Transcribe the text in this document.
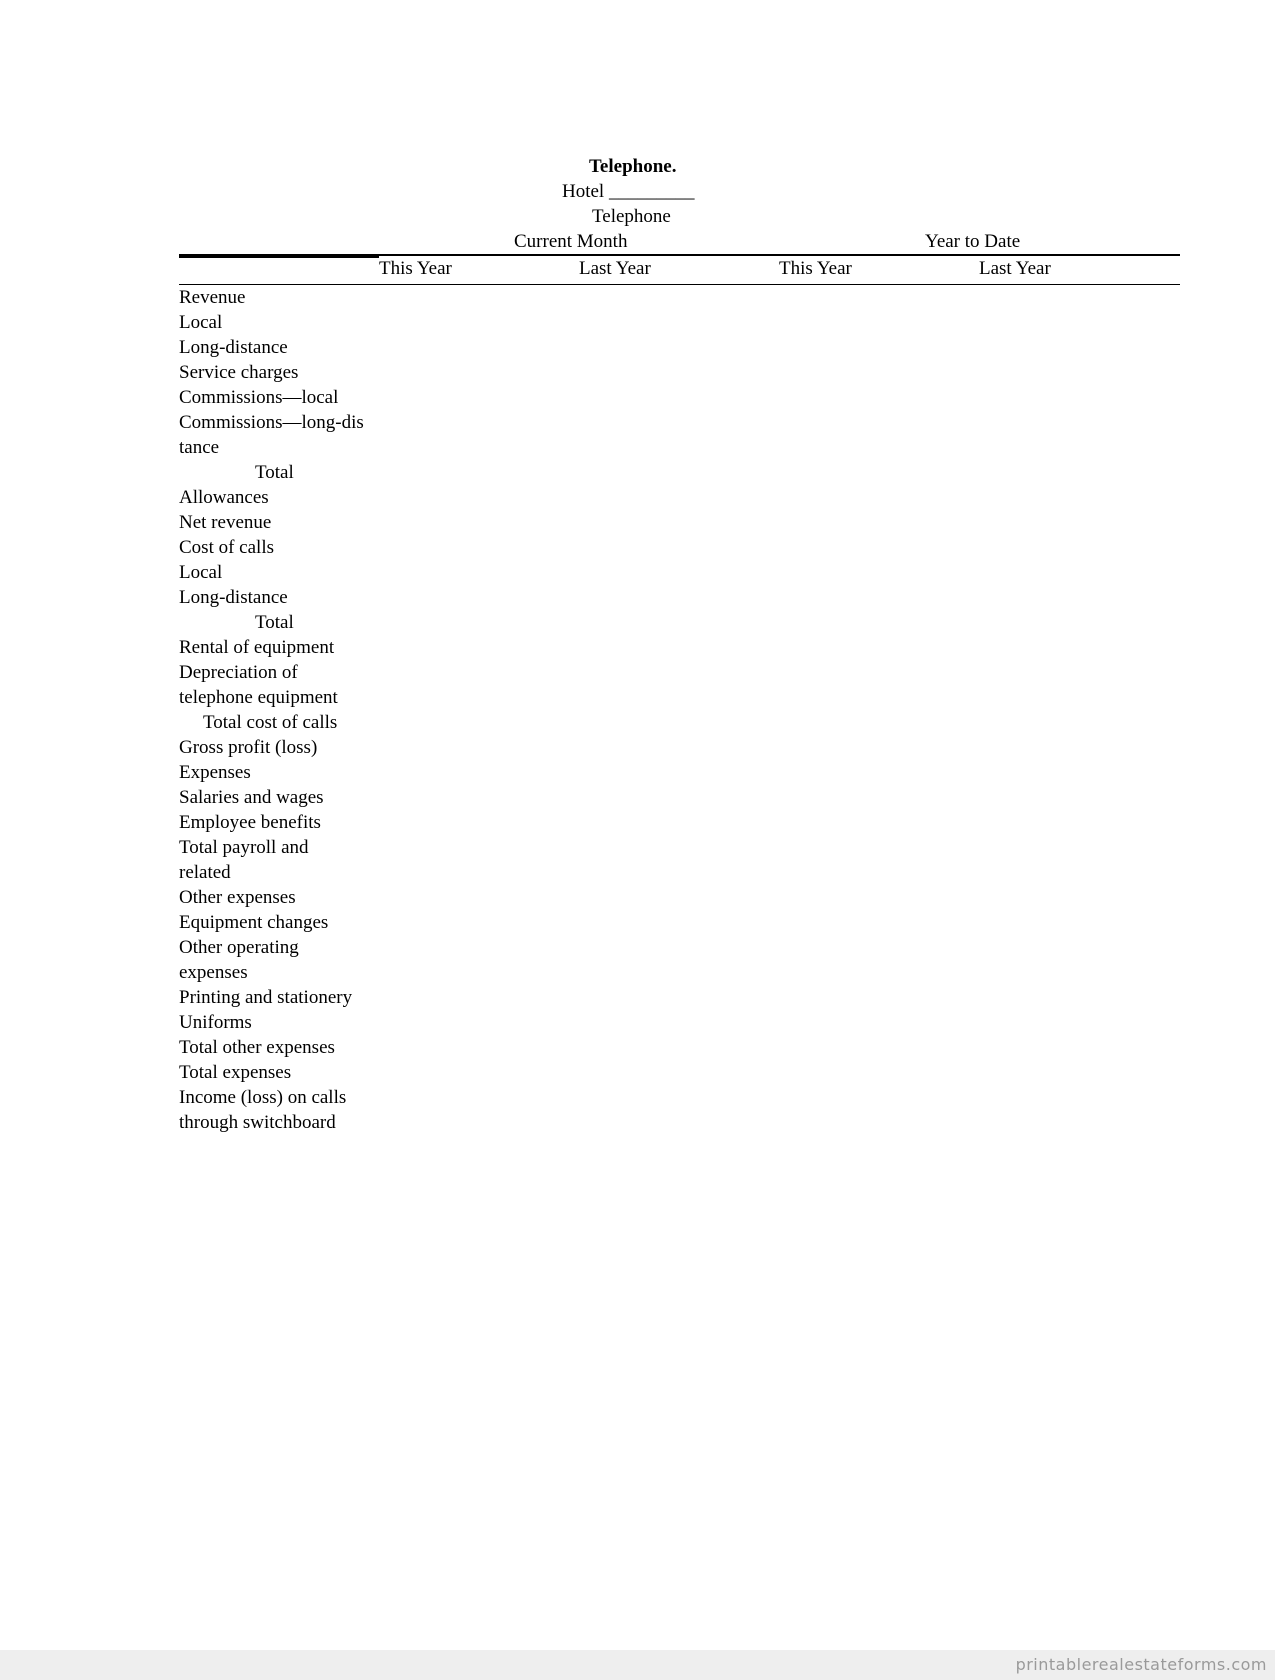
Telephone.
Hotel _________
Telephone
Current Month	Year to Date
This Year	Last Year	This Year	Last Year
Revenue
Local
Long-distance
Service charges
Commissions—local
Commissions—long-dis
tance
Total
Allowances
Net revenue
Cost of calls
Local
Long-distance
Total
Rental of equipment
Depreciation of
telephone equipment
Total cost of calls
Gross profit (loss)
Expenses
Salaries and wages
Employee benefits
Total payroll and
related
Other expenses
Equipment changes
Other operating
expenses
Printing and stationery
Uniforms
Total other expenses
Total expenses
Income (loss) on calls
through switchboard
printablerealestateforms.com
